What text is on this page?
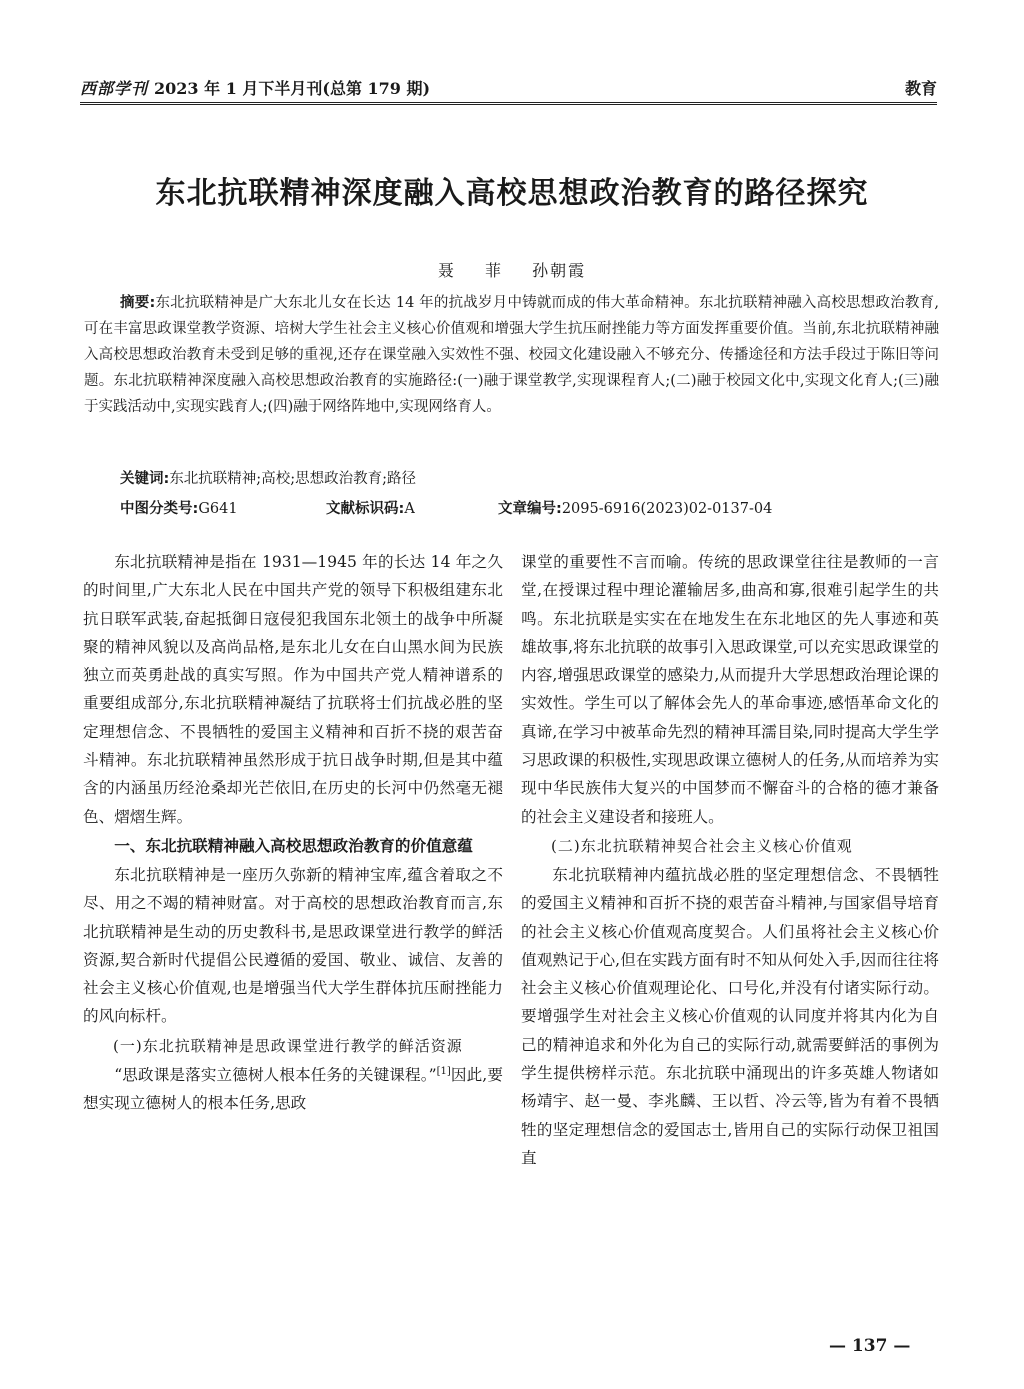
西部学刊 2023 年 1 月下半月刊(总第 179 期)	教育
东北抗联精神深度融入高校思想政治教育的路径探究
聂 菲 孙朝霞
摘要:东北抗联精神是广大东北儿女在长达 14 年的抗战岁月中铸就而成的伟大革命精神。东北抗联精神融入高校思想政治教育,可在丰富思政课堂教学资源、培树大学生社会主义核心价值观和增强大学生抗压耐挫能力等方面发挥重要价值。当前,东北抗联精神融入高校思想政治教育未受到足够的重视,还存在课堂融入实效性不强、校园文化建设融入不够充分、传播途径和方法手段过于陈旧等问题。东北抗联精神深度融入高校思想政治教育的实施路径:(一)融于课堂教学,实现课程育人;(二)融于校园文化中,实现文化育人;(三)融于实践活动中,实现实践育人;(四)融于网络阵地中,实现网络育人。
关键词:东北抗联精神;高校;思想政治教育;路径
中图分类号:G641	文献标识码:A	文章编号:2095-6916(2023)02-0137-04

东北抗联精神是指在 1931—1945 年的长达 14 年之久的时间里,广大东北人民在中国共产党的领导下积极组建东北抗日联军武装,奋起抵御日寇侵犯我国东北领土的战争中所凝聚的精神风貌以及高尚品格,是东北儿女在白山黑水间为民族独立而英勇赴战的真实写照。作为中国共产党人精神谱系的重要组成部分,东北抗联精神凝结了抗联将士们抗战必胜的坚定理想信念、不畏牺牲的爱国主义精神和百折不挠的艰苦奋斗精神。东北抗联精神虽然形成于抗日战争时期,但是其中蕴含的内涵虽历经沧桑却光芒依旧,在历史的长河中仍然毫无褪色、熠熠生辉。

一、东北抗联精神融入高校思想政治教育的价值意蕴

东北抗联精神是一座历久弥新的精神宝库,蕴含着取之不尽、用之不竭的精神财富。对于高校的思想政治教育而言,东北抗联精神是生动的历史教科书,是思政课堂进行教学的鲜活资源,契合新时代提倡公民遵循的爱国、敬业、诚信、友善的社会主义核心价值观,也是增强当代大学生群体抗压耐挫能力的风向标杆。

(一)东北抗联精神是思政课堂进行教学的鲜活资源

“思政课是落实立德树人根本任务的关键课程。”[1]因此,要想实现立德树人的根本任务,思政

课堂的重要性不言而喻。传统的思政课堂往往是教师的一言堂,在授课过程中理论灌输居多,曲高和寡,很难引起学生的共鸣。东北抗联是实实在在地发生在东北地区的先人事迹和英雄故事,将东北抗联的故事引入思政课堂,可以充实思政课堂的内容,增强思政课堂的感染力,从而提升大学思想政治理论课的实效性。学生可以了解体会先人的革命事迹,感悟革命文化的真谛,在学习中被革命先烈的精神耳濡目染,同时提高大学生学习思政课的积极性,实现思政课立德树人的任务,从而培养为实现中华民族伟大复兴的中国梦而不懈奋斗的合格的德才兼备的社会主义建设者和接班人。

(二)东北抗联精神契合社会主义核心价值观

东北抗联精神内蕴抗战必胜的坚定理想信念、不畏牺牲的爱国主义精神和百折不挠的艰苦奋斗精神,与国家倡导培育的社会主义核心价值观高度契合。人们虽将社会主义核心价值观熟记于心,但在实践方面有时不知从何处入手,因而往往将社会主义核心价值观理论化、口号化,并没有付诸实际行动。要增强学生对社会主义核心价值观的认同度并将其内化为自己的精神追求和外化为自己的实际行动,就需要鲜活的事例为学生提供榜样示范。东北抗联中涌现出的许多英雄人物诸如杨靖宇、赵一曼、李兆麟、王以哲、冷云等,皆为有着不畏牺牲的坚定理想信念的爱国志士,皆用自己的实际行动保卫祖国直

— 137 —
